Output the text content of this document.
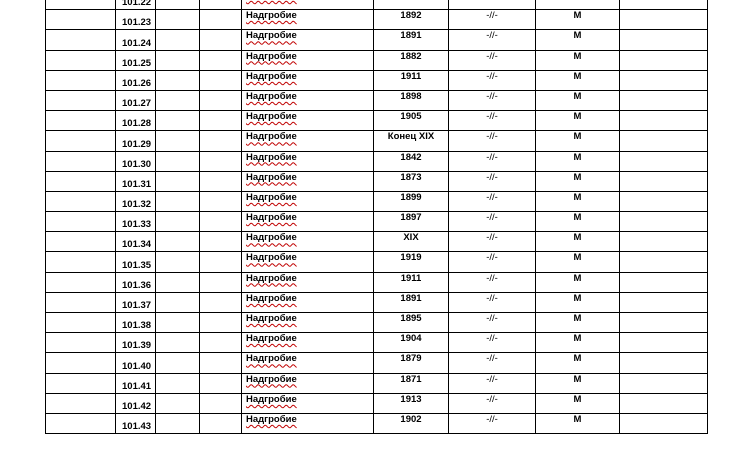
	101.22							
	101.23			Надгробие	1892	-//-	М	
	101.24			Надгробие	1891	-//-	М	
	101.25			Надгробие	1882	-//-	М	
	101.26			Надгробие	1911	-//-	М	
	101.27			Надгробие	1898	-//-	М	
	101.28			Надгробие	1905	-//-	М	
	101.29			Надгробие	Конец XIX	-//-	М	
	101.30			Надгробие	1842	-//-	М	
	101.31			Надгробие	1873	-//-	М	
	101.32			Надгробие	1899	-//-	М	
	101.33			Надгробие	1897	-//-	М	
	101.34			Надгробие	XIX	-//-	М	
	101.35			Надгробие	1919	-//-	М	
	101.36			Надгробие	1911	-//-	М	
	101.37			Надгробие	1891	-//-	М	
	101.38			Надгробие	1895	-//-	М	
	101.39			Надгробие	1904	-//-	М	
	101.40			Надгробие	1879	-//-	М	
	101.41			Надгробие	1871	-//-	М	
	101.42			Надгробие	1913	-//-	М	
	101.43			Надгробие	1902	-//-	М	
